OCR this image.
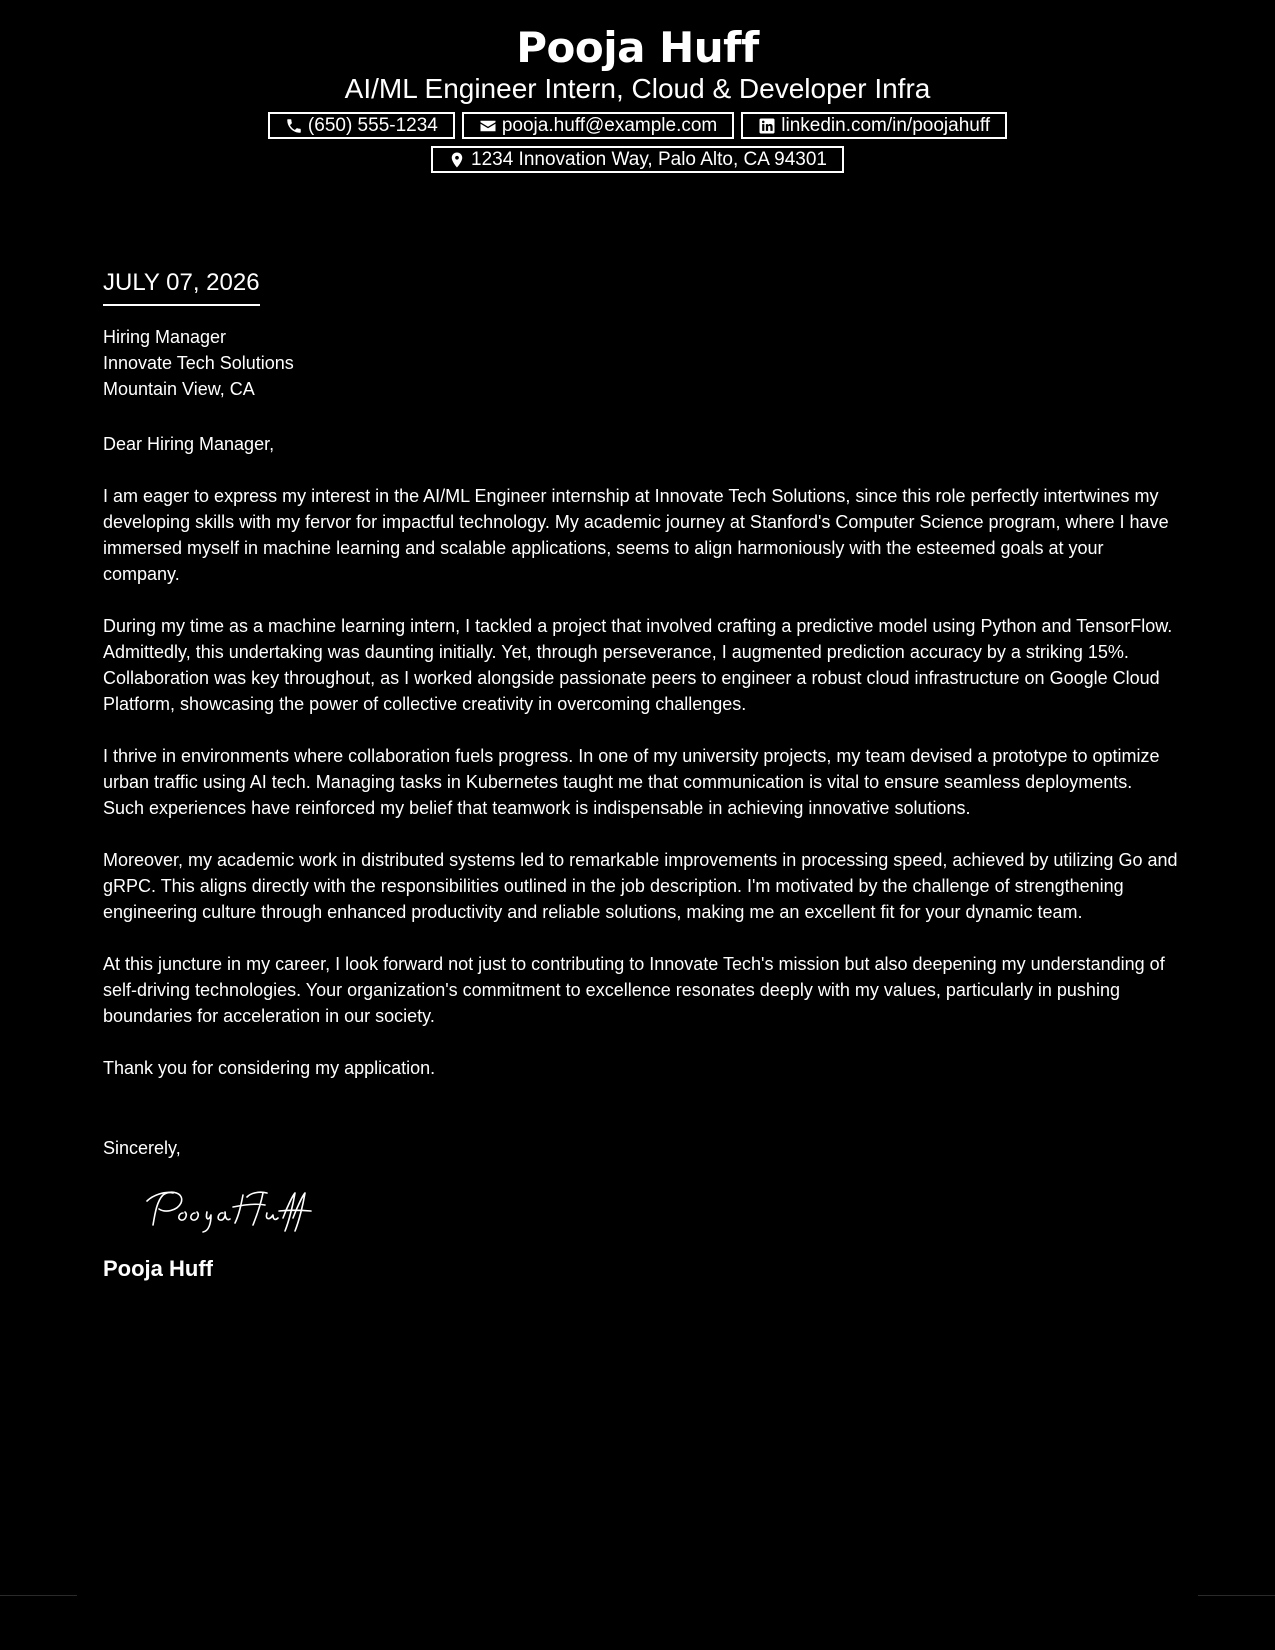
Pooja Huff
AI/ML Engineer Intern, Cloud & Developer Infra
(650) 555-1234	pooja.huff@example.com	linkedin.com/in/poojahuff
1234 Innovation Way, Palo Alto, CA 94301
JULY 07, 2026
Hiring Manager
Innovate Tech Solutions
Mountain View, CA
Dear Hiring Manager,
I am eager to express my interest in the AI/ML Engineer internship at Innovate Tech Solutions, since this role perfectly intertwines my developing skills with my fervor for impactful technology. My academic journey at Stanford's Computer Science program, where I have immersed myself in machine learning and scalable applications, seems to align harmoniously with the esteemed goals at your company.
During my time as a machine learning intern, I tackled a project that involved crafting a predictive model using Python and TensorFlow. Admittedly, this undertaking was daunting initially. Yet, through perseverance, I augmented prediction accuracy by a striking 15%. Collaboration was key throughout, as I worked alongside passionate peers to engineer a robust cloud infrastructure on Google Cloud Platform, showcasing the power of collective creativity in overcoming challenges.
I thrive in environments where collaboration fuels progress. In one of my university projects, my team devised a prototype to optimize urban traffic using AI tech. Managing tasks in Kubernetes taught me that communication is vital to ensure seamless deployments. Such experiences have reinforced my belief that teamwork is indispensable in achieving innovative solutions.
Moreover, my academic work in distributed systems led to remarkable improvements in processing speed, achieved by utilizing Go and gRPC. This aligns directly with the responsibilities outlined in the job description. I'm motivated by the challenge of strengthening engineering culture through enhanced productivity and reliable solutions, making me an excellent fit for your dynamic team.
At this juncture in my career, I look forward not just to contributing to Innovate Tech's mission but also deepening my understanding of self-driving technologies. Your organization's commitment to excellence resonates deeply with my values, particularly in pushing boundaries for acceleration in our society.
Thank you for considering my application.
Sincerely,
Pooja Huff
